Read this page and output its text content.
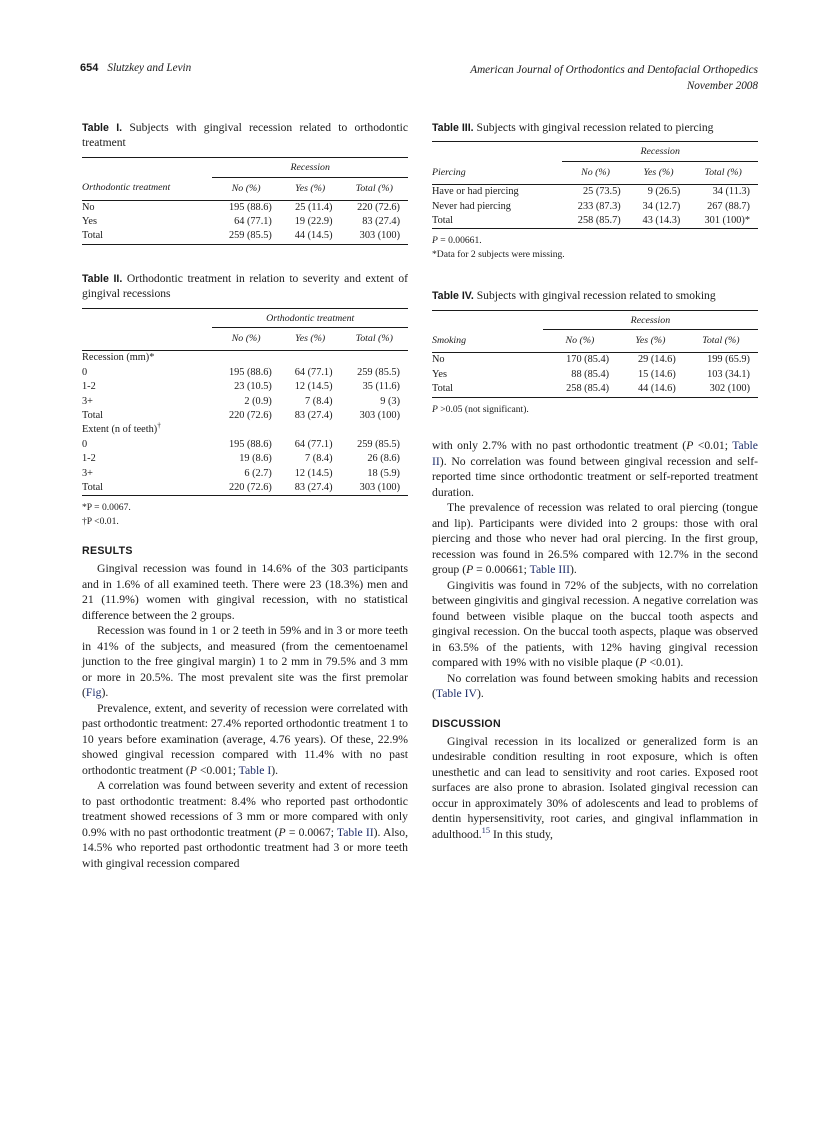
654 Slutzkey and Levin	American Journal of Orthodontics and Dentofacial Orthopedics
November 2008
Table I. Subjects with gingival recession related to orthodontic treatment
	Recession		

Orthodontic treatment	No (%)	Yes (%)	Total (%)
No	195 (88.6)	25 (11.4)	220 (72.6)
Yes	64 (77.1)	19 (22.9)	83 (27.4)
Total	259 (85.5)	44 (14.5)	303 (100)
Table II. Orthodontic treatment in relation to severity and extent of gingival recessions
	Orthodontic treatment		

	No (%)	Yes (%)	Total (%)
Recession (mm)*			
0	195 (88.6)	64 (77.1)	259 (85.5)
1-2	23 (10.5)	12 (14.5)	35 (11.6)
3+	2 (0.9)	7 (8.4)	9 (3)
Total	220 (72.6)	83 (27.4)	303 (100)
Extent (n of teeth)†			
0	195 (88.6)	64 (77.1)	259 (85.5)
1-2	19 (8.6)	7 (8.4)	26 (8.6)
3+	6 (2.7)	12 (14.5)	18 (5.9)
Total	220 (72.6)	83 (27.4)	303 (100)
*P = 0.0067.
†P <0.01.
RESULTS

Gingival recession was found in 14.6% of the 303 participants and in 1.6% of all examined teeth. There were 23 (18.3%) men and 21 (11.9%) women with gingival recession, with no statistical difference between the 2 groups.

Recession was found in 1 or 2 teeth in 59% and in 3 or more teeth in 41% of the subjects, and measured (from the cementoenamel junction to the free gingival margin) 1 to 2 mm in 79.5% and 3 mm or more in 20.5%. The most prevalent site was the first premolar (Fig).

Prevalence, extent, and severity of recession were correlated with past orthodontic treatment: 27.4% reported orthodontic treatment 1 to 10 years before examination (average, 4.76 years). Of these, 22.9% showed gingival recession compared with 11.4% with no past orthodontic treatment (P <0.001; Table I).

A correlation was found between severity and extent of recession to past orthodontic treatment: 8.4% who reported past orthodontic treatment showed recessions of 3 mm or more compared with only 0.9% with no past orthodontic treatment (P = 0.0067; Table II). Also, 14.5% who reported past orthodontic treatment had 3 or more teeth with gingival recession compared

Table III. Subjects with gingival recession related to piercing
	Recession		

Piercing	No (%)	Yes (%)	Total (%)
Have or had piercing	25 (73.5)	9 (26.5)	34 (11.3)
Never had piercing	233 (87.3)	34 (12.7)	267 (88.7)
Total	258 (85.7)	43 (14.3)	301 (100)*
P = 0.00661.
*Data for 2 subjects were missing.
Table IV. Subjects with gingival recession related to smoking
	Recession		

Smoking	No (%)	Yes (%)	Total (%)
No	170 (85.4)	29 (14.6)	199 (65.9)
Yes	88 (85.4)	15 (14.6)	103 (34.1)
Total	258 (85.4)	44 (14.6)	302 (100)
P >0.05 (not significant).

with only 2.7% with no past orthodontic treatment (P <0.01; Table II). No correlation was found between gingival recession and self-reported time since orthodontic treatment or self-reported treatment duration.

The prevalence of recession was related to oral piercing (tongue and lip). Participants were divided into 2 groups: those with oral piercing and those who never had oral piercing. In the first group, recession was found in 26.5% compared with 12.7% in the second group (P = 0.00661; Table III).

Gingivitis was found in 72% of the subjects, with no correlation between gingivitis and gingival recession. A negative correlation was found between visible plaque on the buccal tooth aspects and gingival recession. On the buccal tooth aspects, plaque was observed in 63.5% of the patients, with 12% having gingival recession compared with 19% with no visible plaque (P <0.01).

No correlation was found between smoking habits and recession (Table IV).

DISCUSSION

Gingival recession in its localized or generalized form is an undesirable condition resulting in root exposure, which is often unesthetic and can lead to sensitivity and root caries. Exposed root surfaces are also prone to abrasion. Isolated gingival recession can occur in approximately 30% of adolescents and lead to problems of dentin hypersensitivity, root caries, and gingival inflammation in adulthood.$^{15}$ In this study,
